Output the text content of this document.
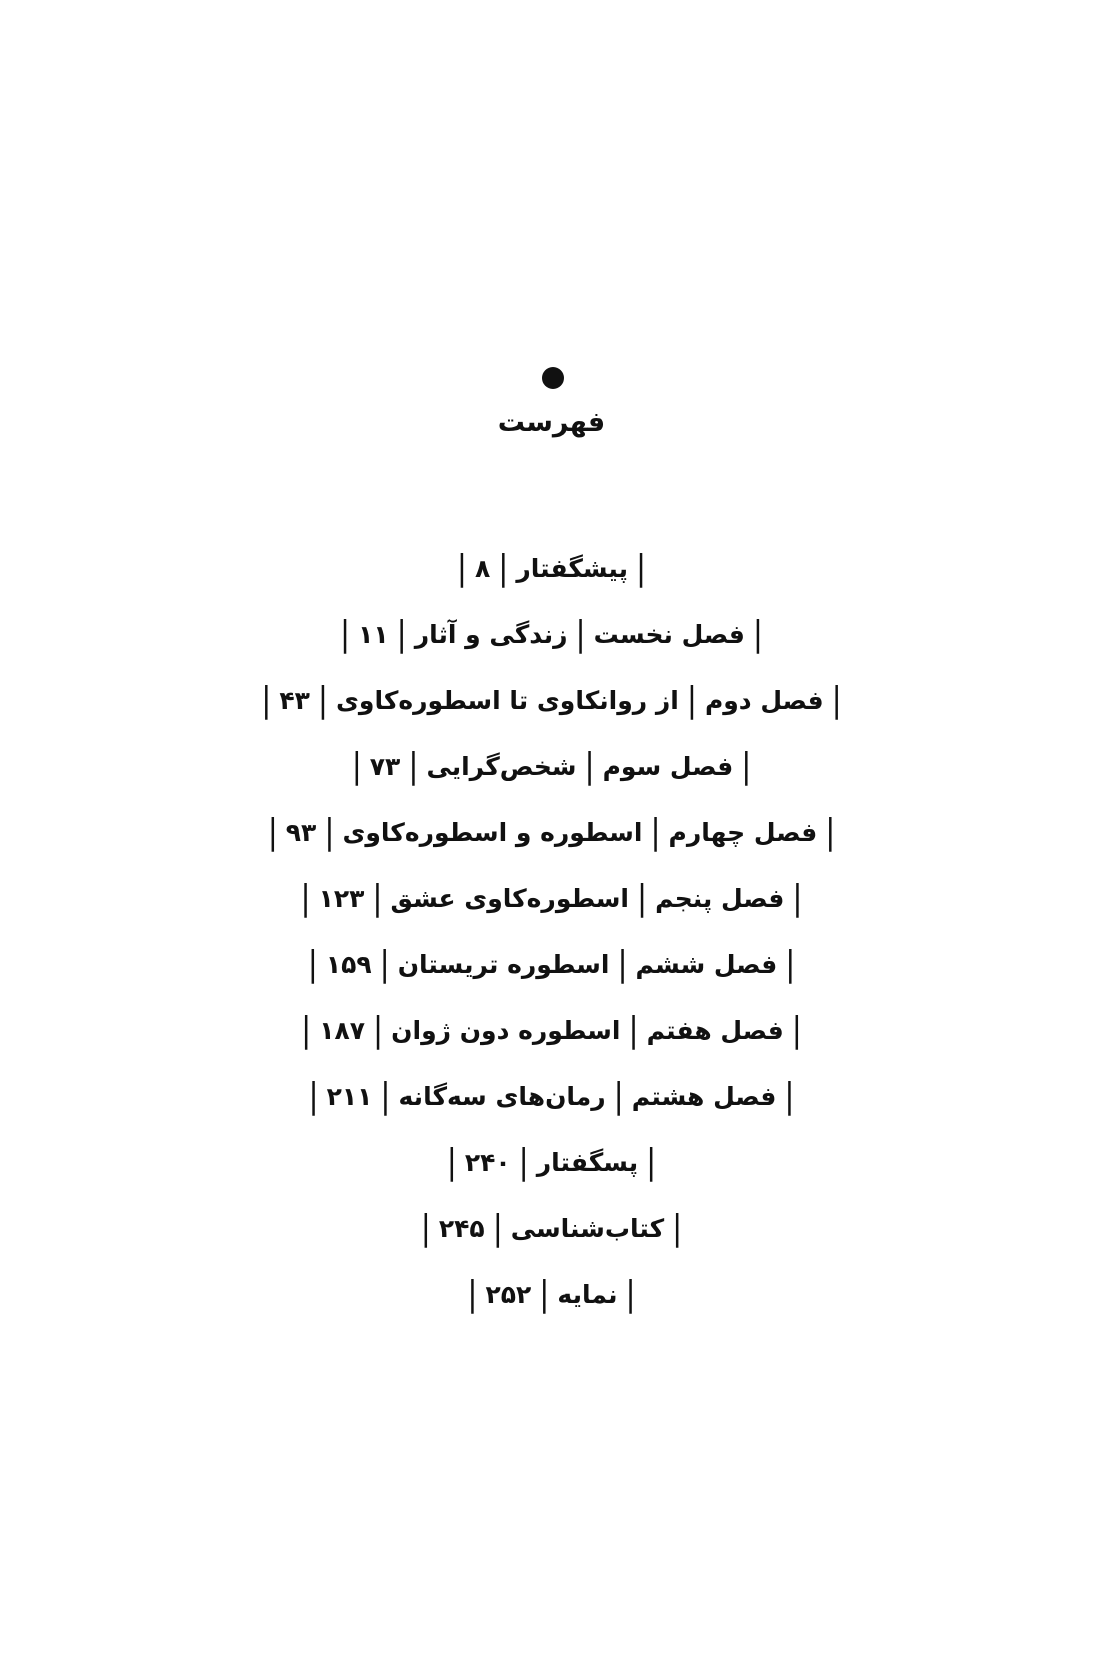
فهرست
|
پیشگفتار
|
۸
|
|
فصل نخست
|
زندگی و آثار
|
۱۱
|
|
فصل دوم
|
از روانکاوی تا اسطوره‌کاوی
|
۴۳
|
|
فصل سوم
|
شخص‌گرایی
|
۷۳
|
|
فصل چهارم
|
اسطوره و اسطوره‌کاوی
|
۹۳
|
|
فصل پنجم
|
اسطوره‌کاوی عشق
|
۱۲۳
|
|
فصل ششم
|
اسطوره تریستان
|
۱۵۹
|
|
فصل هفتم
|
اسطوره دون ژوان
|
۱۸۷
|
|
فصل هشتم
|
رمان‌های سه‌گانه
|
۲۱۱
|
|
پسگفتار
|
۲۴۰
|
|
کتاب‌شناسی
|
۲۴۵
|
|
نمایه
|
۲۵۲
|
